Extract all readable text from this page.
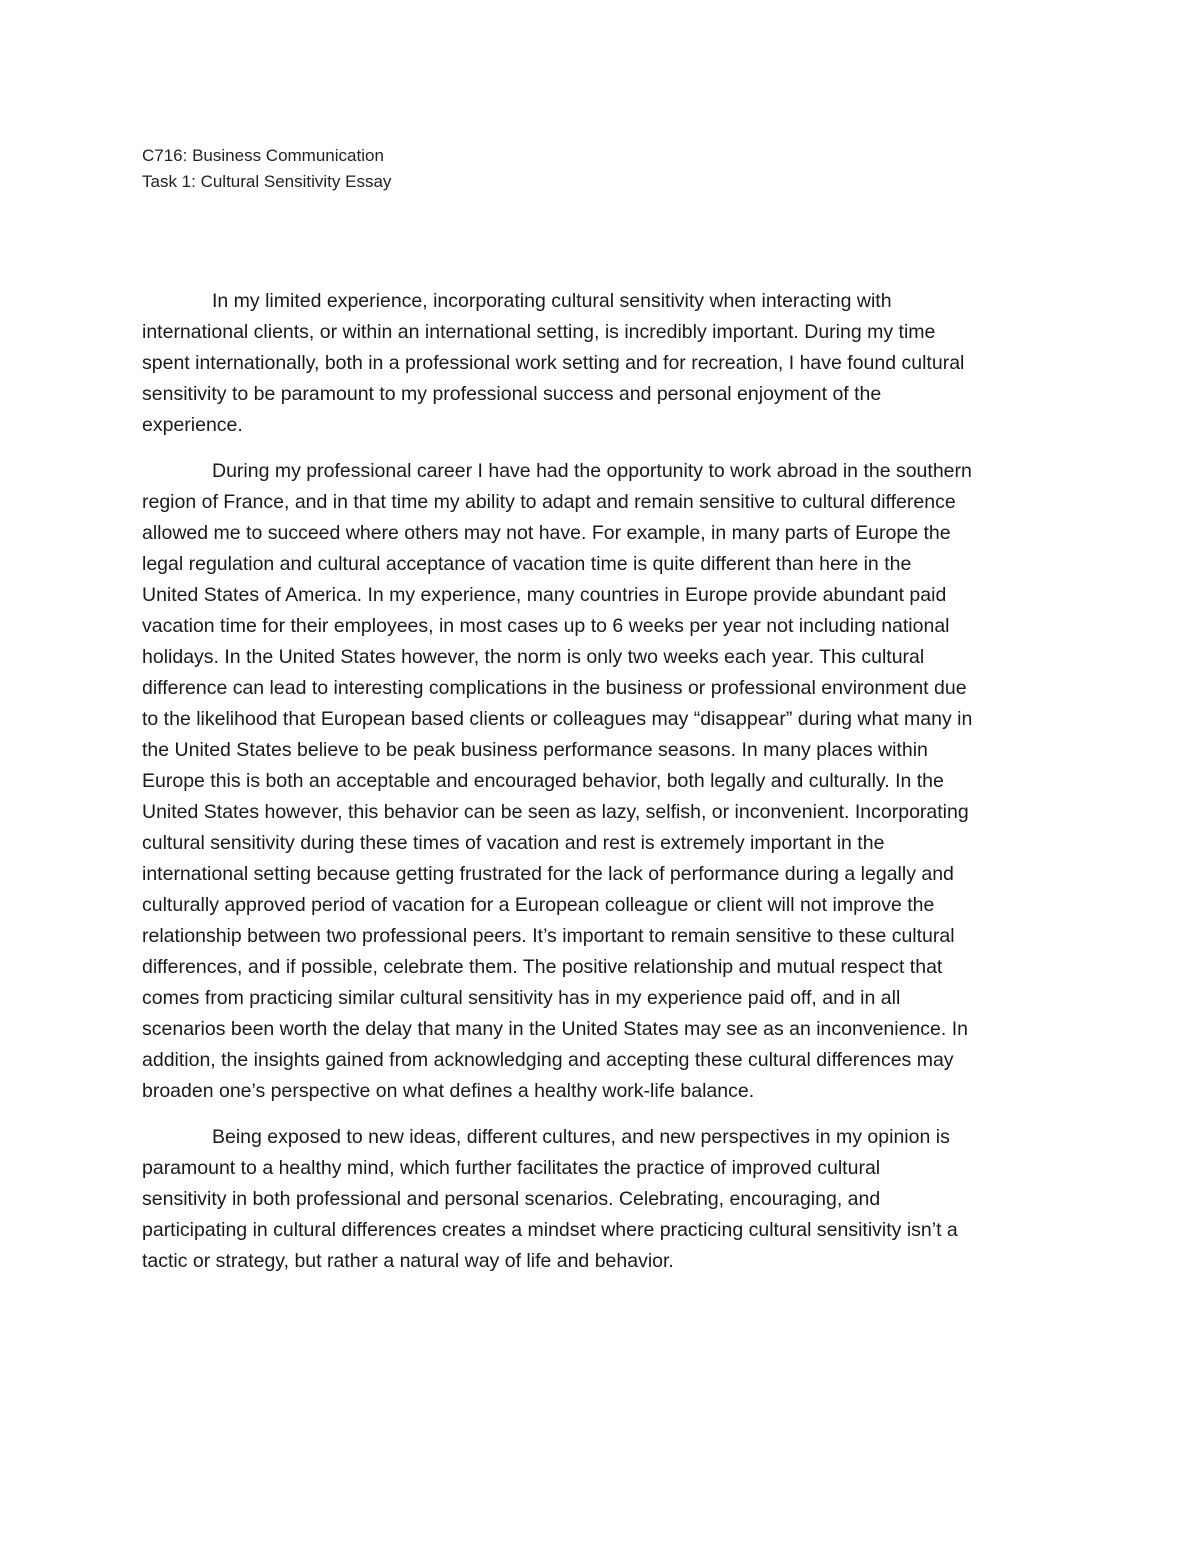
C716: Business Communication
Task 1: Cultural Sensitivity Essay

In my limited experience, incorporating cultural sensitivity when interacting with
international clients, or within an international setting, is incredibly important. During my time
spent internationally, both in a professional work setting and for recreation, I have found cultural
sensitivity to be paramount to my professional success and personal enjoyment of the
experience.

During my professional career I have had the opportunity to work abroad in the southern
region of France, and in that time my ability to adapt and remain sensitive to cultural difference
allowed me to succeed where others may not have. For example, in many parts of Europe the
legal regulation and cultural acceptance of vacation time is quite different than here in the
United States of America. In my experience, many countries in Europe provide abundant paid
vacation time for their employees, in most cases up to 6 weeks per year not including national
holidays. In the United States however, the norm is only two weeks each year. This cultural
difference can lead to interesting complications in the business or professional environment due
to the likelihood that European based clients or colleagues may “disappear” during what many in
the United States believe to be peak business performance seasons. In many places within
Europe this is both an acceptable and encouraged behavior, both legally and culturally. In the
United States however, this behavior can be seen as lazy, selfish, or inconvenient. Incorporating
cultural sensitivity during these times of vacation and rest is extremely important in the
international setting because getting frustrated for the lack of performance during a legally and
culturally approved period of vacation for a European colleague or client will not improve the
relationship between two professional peers. It’s important to remain sensitive to these cultural
differences, and if possible, celebrate them. The positive relationship and mutual respect that
comes from practicing similar cultural sensitivity has in my experience paid off, and in all
scenarios been worth the delay that many in the United States may see as an inconvenience. In
addition, the insights gained from acknowledging and accepting these cultural differences may
broaden one’s perspective on what defines a healthy work-life balance.

Being exposed to new ideas, different cultures, and new perspectives in my opinion is
paramount to a healthy mind, which further facilitates the practice of improved cultural
sensitivity in both professional and personal scenarios. Celebrating, encouraging, and
participating in cultural differences creates a mindset where practicing cultural sensitivity isn’t a
tactic or strategy, but rather a natural way of life and behavior.
